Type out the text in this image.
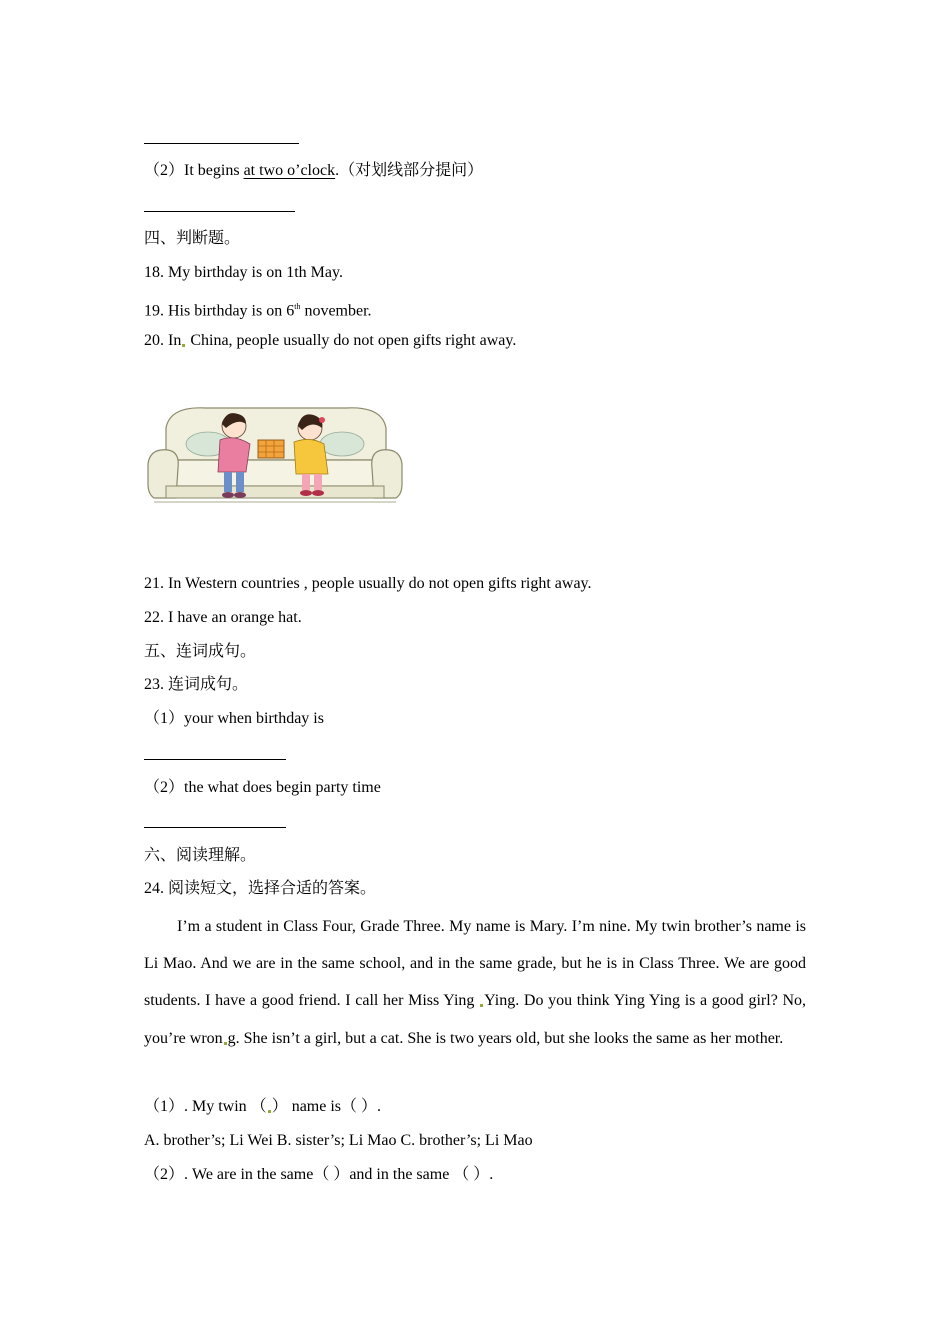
（2）It begins at two o’clock.（对划线部分提问）
四、判断题。
18. My birthday is on 1th May.
19. His birthday is on 6th november.
20. In China, people usually do not open gifts right away.
21. In Western countries , people usually do not open gifts right away.
22. I have an orange hat.
五、连词成句。
23. 连词成句。
（1）your when birthday is
（2）the what does begin party time
六、阅读理解。
24. 阅读短文，选择合适的答案。
I’m a student in Class Four, Grade Three. My name is Mary. I’m nine. My twin brother’s name is Li Mao. And we are in the same school, and in the same grade, but he is in Class Three. We are good students. I have a good friend. I call her Miss Ying Ying. Do you think Ying Ying is a good girl? No, you’re wron g. She isn’t a girl, but a cat. She is two years old, but she looks the same as her mother.
（1）. My twin （ ） name is（ ）.
A. brother’s; Li Wei B. sister’s; Li Mao C. brother’s; Li Mao
（2）. We are in the same（ ）and in the same （ ）.
